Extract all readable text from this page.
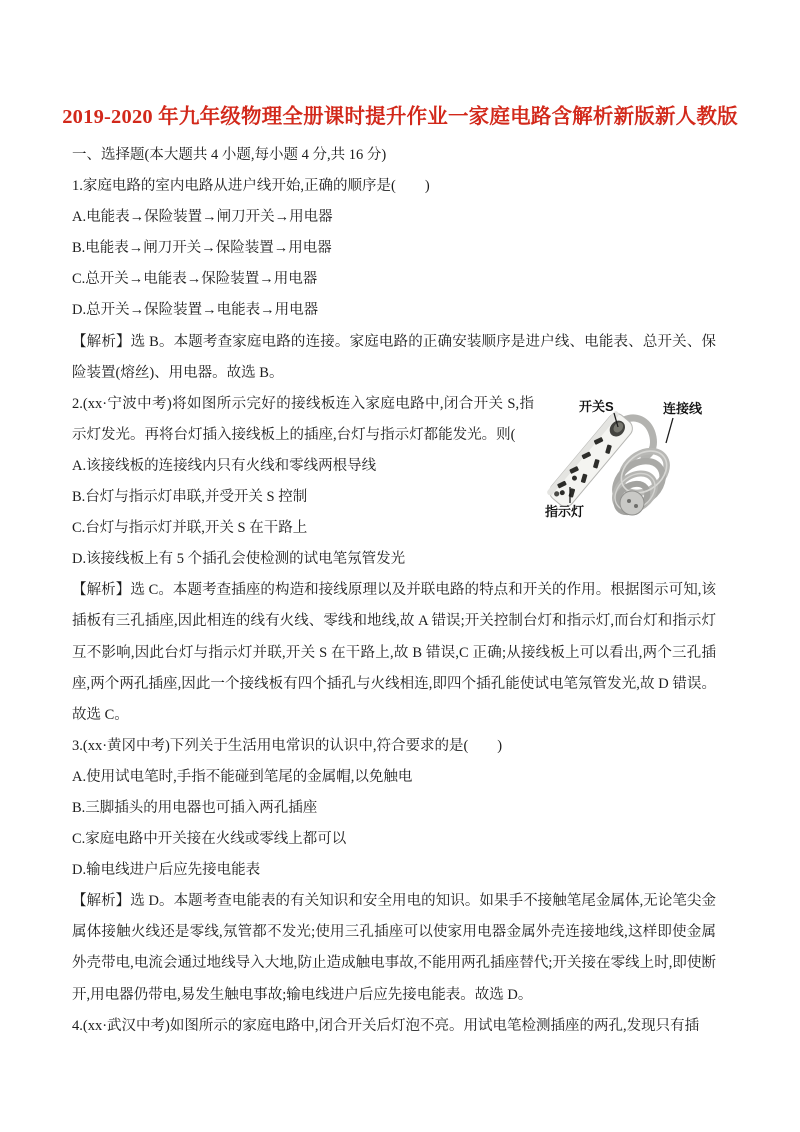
2019-2020 年九年级物理全册课时提升作业一家庭电路含解析新版新人教版
一、选择题(本大题共 4 小题,每小题 4 分,共 16 分)
1.家庭电路的室内电路从进户线开始,正确的顺序是(　　)
A.电能表→保险装置→闸刀开关→用电器
B.电能表→闸刀开关→保险装置→用电器
C.总开关→电能表→保险装置→用电器
D.总开关→保险装置→电能表→用电器
【解析】选 B。本题考查家庭电路的连接。家庭电路的正确安装顺序是进户线、电能表、总开关、保险装置(熔丝)、用电器。故选 B。
开关S	连接线
指示灯
2.(xx·宁波中考)将如图所示完好的接线板连入家庭电路中,闭合开关 S,指示灯发光。再将台灯插入接线板上的插座,台灯与指示灯都能发光。则(
A.该接线板的连接线内只有火线和零线两根导线
B.台灯与指示灯串联,并受开关 S 控制
C.台灯与指示灯并联,开关 S 在干路上
D.该接线板上有 5 个插孔会使检测的试电笔氖管发光
【解析】选 C。本题考查插座的构造和接线原理以及并联电路的特点和开关的作用。根据图示可知,该插板有三孔插座,因此相连的线有火线、零线和地线,故 A 错误;开关控制台灯和指示灯,而台灯和指示灯互不影响,因此台灯与指示灯并联,开关 S 在干路上,故 B 错误,C 正确;从接线板上可以看出,两个三孔插座,两个两孔插座,因此一个接线板有四个插孔与火线相连,即四个插孔能使试电笔氖管发光,故 D 错误。故选 C。
3.(xx·黄冈中考)下列关于生活用电常识的认识中,符合要求的是(　　)
A.使用试电笔时,手指不能碰到笔尾的金属帽,以免触电
B.三脚插头的用电器也可插入两孔插座
C.家庭电路中开关接在火线或零线上都可以
D.输电线进户后应先接电能表
【解析】选 D。本题考查电能表的有关知识和安全用电的知识。如果手不接触笔尾金属体,无论笔尖金属体接触火线还是零线,氖管都不发光;使用三孔插座可以使家用电器金属外壳连接地线,这样即使金属外壳带电,电流会通过地线导入大地,防止造成触电事故,不能用两孔插座替代;开关接在零线上时,即使断开,用电器仍带电,易发生触电事故;输电线进户后应先接电能表。故选 D。
4.(xx·武汉中考)如图所示的家庭电路中,闭合开关后灯泡不亮。用试电笔检测插座的两孔,发现只有插
